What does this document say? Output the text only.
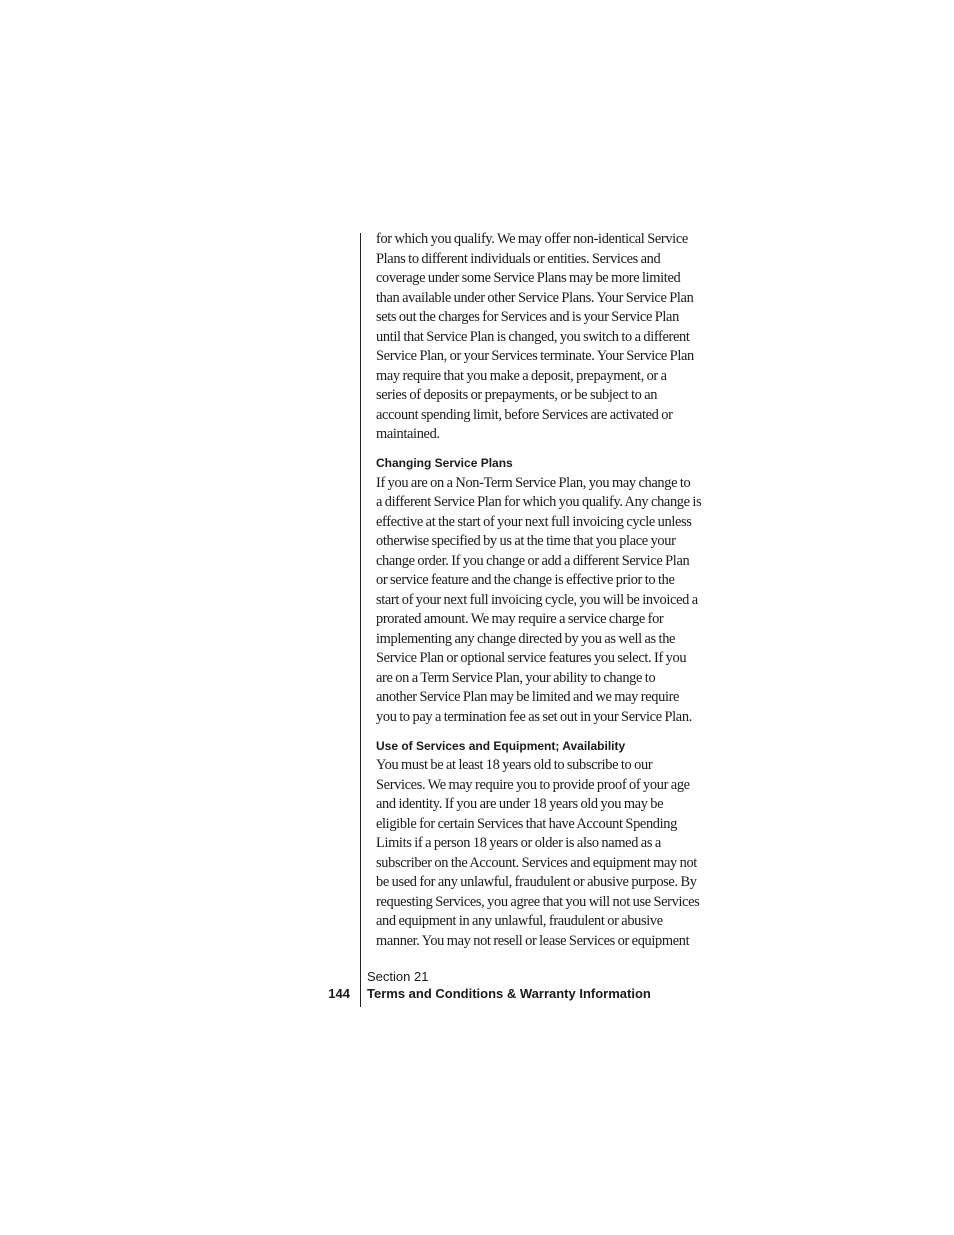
for which you qualify. We may offer non-identical Service
Plans to different individuals or entities. Services and
coverage under some Service Plans may be more limited
than available under other Service Plans. Your Service Plan
sets out the charges for Services and is your Service Plan
until that Service Plan is changed, you switch to a different
Service Plan, or your Services terminate. Your Service Plan
may require that you make a deposit, prepayment, or a
series of deposits or prepayments, or be subject to an
account spending limit, before Services are activated or
maintained.

Changing Service Plans

If you are on a Non-Term Service Plan, you may change to
a different Service Plan for which you qualify. Any change is
effective at the start of your next full invoicing cycle unless
otherwise specified by us at the time that you place your
change order. If you change or add a different Service Plan
or service feature and the change is effective prior to the
start of your next full invoicing cycle, you will be invoiced a
prorated amount. We may require a service charge for
implementing any change directed by you as well as the
Service Plan or optional service features you select. If you
are on a Term Service Plan, your ability to change to
another Service Plan may be limited and we may require
you to pay a termination fee as set out in your Service Plan.

Use of Services and Equipment; Availability

You must be at least 18 years old to subscribe to our
Services. We may require you to provide proof of your age
and identity. If you are under 18 years old you may be
eligible for certain Services that have Account Spending
Limits if a person 18 years or older is also named as a
subscriber on the Account. Services and equipment may not
be used for any unlawful, fraudulent or abusive purpose. By
requesting Services, you agree that you will not use Services
and equipment in any unlawful, fraudulent or abusive
manner. You may not resell or lease Services or equipment

Section 21
144 Terms and Conditions & Warranty Information
